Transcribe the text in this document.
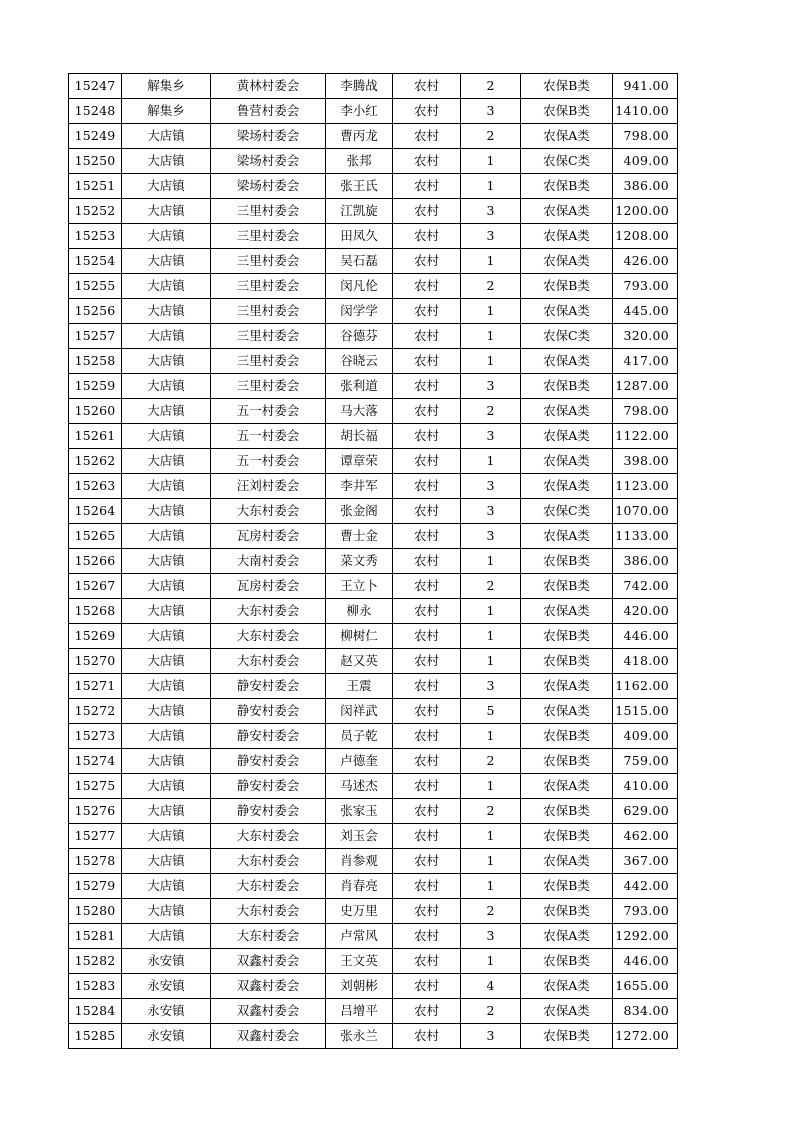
15247	解集乡	黄林村委会	李腾战	农村	2	农保B类	941.00
15248	解集乡	鲁营村委会	李小红	农村	3	农保B类	1410.00
15249	大店镇	梁场村委会	曹丙龙	农村	2	农保A类	798.00
15250	大店镇	梁场村委会	张邦	农村	1	农保C类	409.00
15251	大店镇	梁场村委会	张王氏	农村	1	农保B类	386.00
15252	大店镇	三里村委会	江凯旋	农村	3	农保A类	1200.00
15253	大店镇	三里村委会	田凤久	农村	3	农保A类	1208.00
15254	大店镇	三里村委会	吴石磊	农村	1	农保A类	426.00
15255	大店镇	三里村委会	闵凡伦	农村	2	农保B类	793.00
15256	大店镇	三里村委会	闵学学	农村	1	农保A类	445.00
15257	大店镇	三里村委会	谷德芬	农村	1	农保C类	320.00
15258	大店镇	三里村委会	谷晓云	农村	1	农保A类	417.00
15259	大店镇	三里村委会	张利道	农村	3	农保B类	1287.00
15260	大店镇	五一村委会	马大落	农村	2	农保A类	798.00
15261	大店镇	五一村委会	胡长福	农村	3	农保A类	1122.00
15262	大店镇	五一村委会	谭章荣	农村	1	农保A类	398.00
15263	大店镇	汪刘村委会	李井军	农村	3	农保A类	1123.00
15264	大店镇	大东村委会	张金阁	农村	3	农保C类	1070.00
15265	大店镇	瓦房村委会	曹士金	农村	3	农保A类	1133.00
15266	大店镇	大南村委会	菜文秀	农村	1	农保B类	386.00
15267	大店镇	瓦房村委会	王立卜	农村	2	农保B类	742.00
15268	大店镇	大东村委会	柳永	农村	1	农保A类	420.00
15269	大店镇	大东村委会	柳树仁	农村	1	农保B类	446.00
15270	大店镇	大东村委会	赵又英	农村	1	农保B类	418.00
15271	大店镇	静安村委会	王震	农村	3	农保A类	1162.00
15272	大店镇	静安村委会	闵祥武	农村	5	农保A类	1515.00
15273	大店镇	静安村委会	员子乾	农村	1	农保B类	409.00
15274	大店镇	静安村委会	卢德奎	农村	2	农保B类	759.00
15275	大店镇	静安村委会	马述杰	农村	1	农保A类	410.00
15276	大店镇	静安村委会	张家玉	农村	2	农保B类	629.00
15277	大店镇	大东村委会	刘玉会	农村	1	农保B类	462.00
15278	大店镇	大东村委会	肖参观	农村	1	农保A类	367.00
15279	大店镇	大东村委会	肖春亮	农村	1	农保B类	442.00
15280	大店镇	大东村委会	史万里	农村	2	农保B类	793.00
15281	大店镇	大东村委会	卢常风	农村	3	农保A类	1292.00
15282	永安镇	双鑫村委会	王文英	农村	1	农保B类	446.00
15283	永安镇	双鑫村委会	刘朝彬	农村	4	农保A类	1655.00
15284	永安镇	双鑫村委会	吕增平	农村	2	农保A类	834.00
15285	永安镇	双鑫村委会	张永兰	农村	3	农保B类	1272.00
